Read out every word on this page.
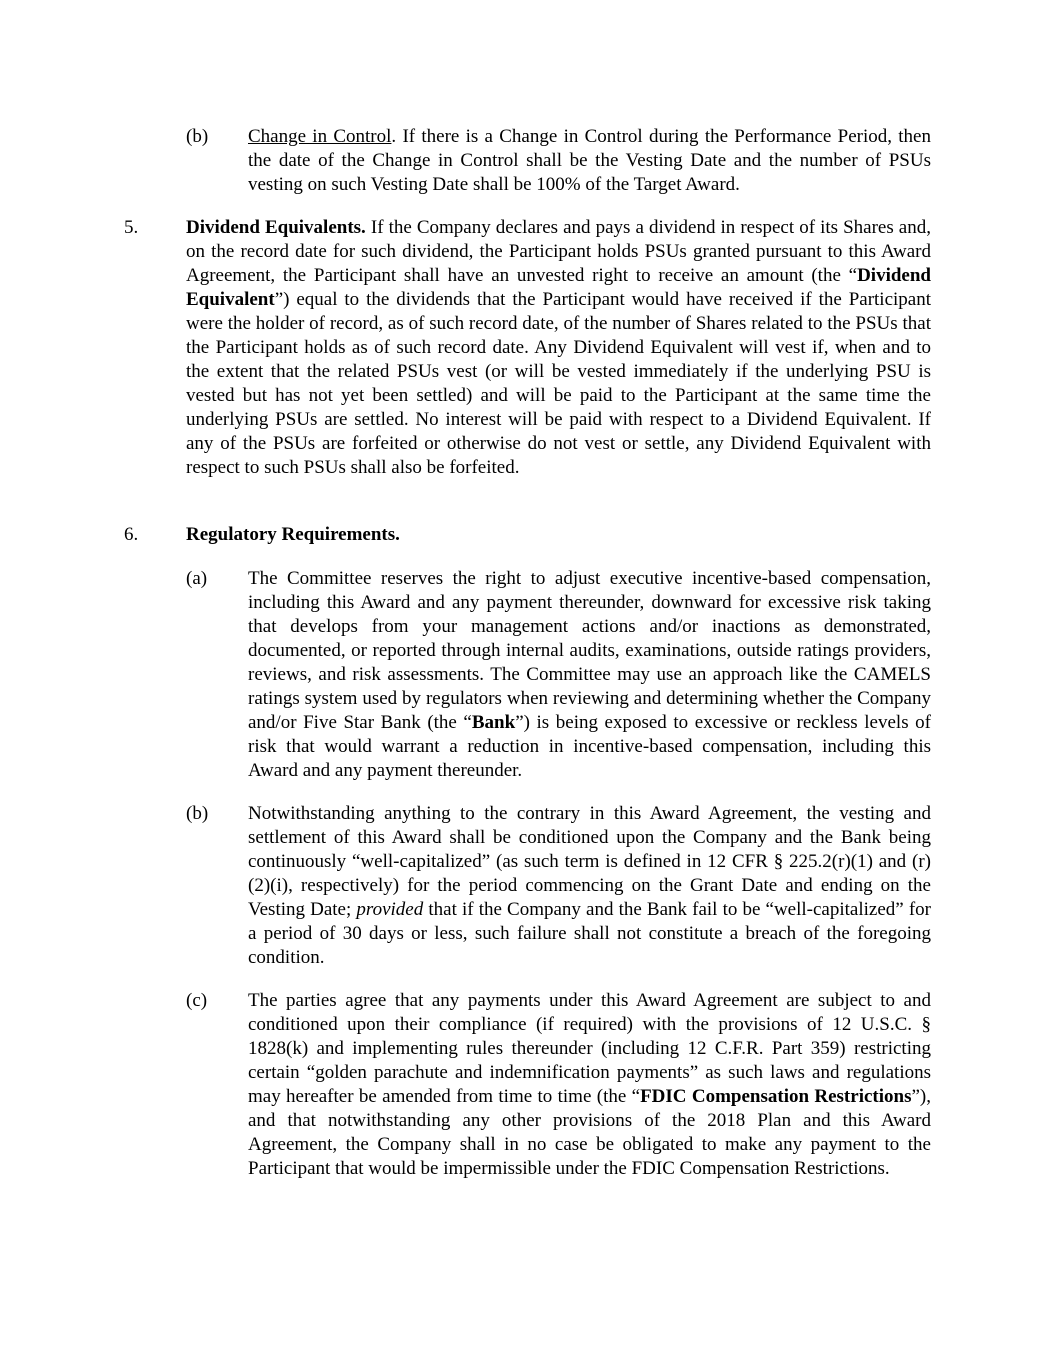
(b) Change in Control. If there is a Change in Control during the Performance Period, then the date of the Change in Control shall be the Vesting Date and the number of PSUs vesting on such Vesting Date shall be 100% of the Target Award.

5.	Dividend Equivalents. If the Company declares and pays a dividend in respect of its Shares and, on the record date for such dividend, the Participant holds PSUs granted pursuant to this Award Agreement, the Participant shall have an unvested right to receive an amount (the “Dividend Equivalent”) equal to the dividends that the Participant would have received if the Participant were the holder of record, as of such record date, of the number of Shares related to the PSUs that the Participant holds as of such record date. Any Dividend Equivalent will vest if, when and to the extent that the related PSUs vest (or will be vested immediately if the underlying PSU is vested but has not yet been settled) and will be paid to the Participant at the same time the underlying PSUs are settled. No interest will be paid with respect to a Dividend Equivalent. If any of the PSUs are forfeited or otherwise do not vest or settle, any Dividend Equivalent with respect to such PSUs shall also be forfeited.

6.	Regulatory Requirements.

(a) The Committee reserves the right to adjust executive incentive-based compensation, including this Award and any payment thereunder, downward for excessive risk taking that develops from your management actions and/or inactions as demonstrated, documented, or reported through internal audits, examinations, outside ratings providers, reviews, and risk assessments. The Committee may use an approach like the CAMELS ratings system used by regulators when reviewing and determining whether the Company and/or Five Star Bank (the “Bank”) is being exposed to excessive or reckless levels of risk that would warrant a reduction in incentive-based compensation, including this Award and any payment thereunder.

(b) Notwithstanding anything to the contrary in this Award Agreement, the vesting and settlement of this Award shall be conditioned upon the Company and the Bank being continuously “well-capitalized” (as such term is defined in 12 CFR § 225.2(r)(1) and (r)(2)(i), respectively) for the period commencing on the Grant Date and ending on the Vesting Date; provided that if the Company and the Bank fail to be “well-capitalized” for a period of 30 days or less, such failure shall not constitute a breach of the foregoing condition.

(c) The parties agree that any payments under this Award Agreement are subject to and conditioned upon their compliance (if required) with the provisions of 12 U.S.C. § 1828(k) and implementing rules thereunder (including 12 C.F.R. Part 359) restricting certain “golden parachute and indemnification payments” as such laws and regulations may hereafter be amended from time to time (the “FDIC Compensation Restrictions”), and that notwithstanding any other provisions of the 2018 Plan and this Award Agreement, the Company shall in no case be obligated to make any payment to the Participant that would be impermissible under the FDIC Compensation Restrictions.
